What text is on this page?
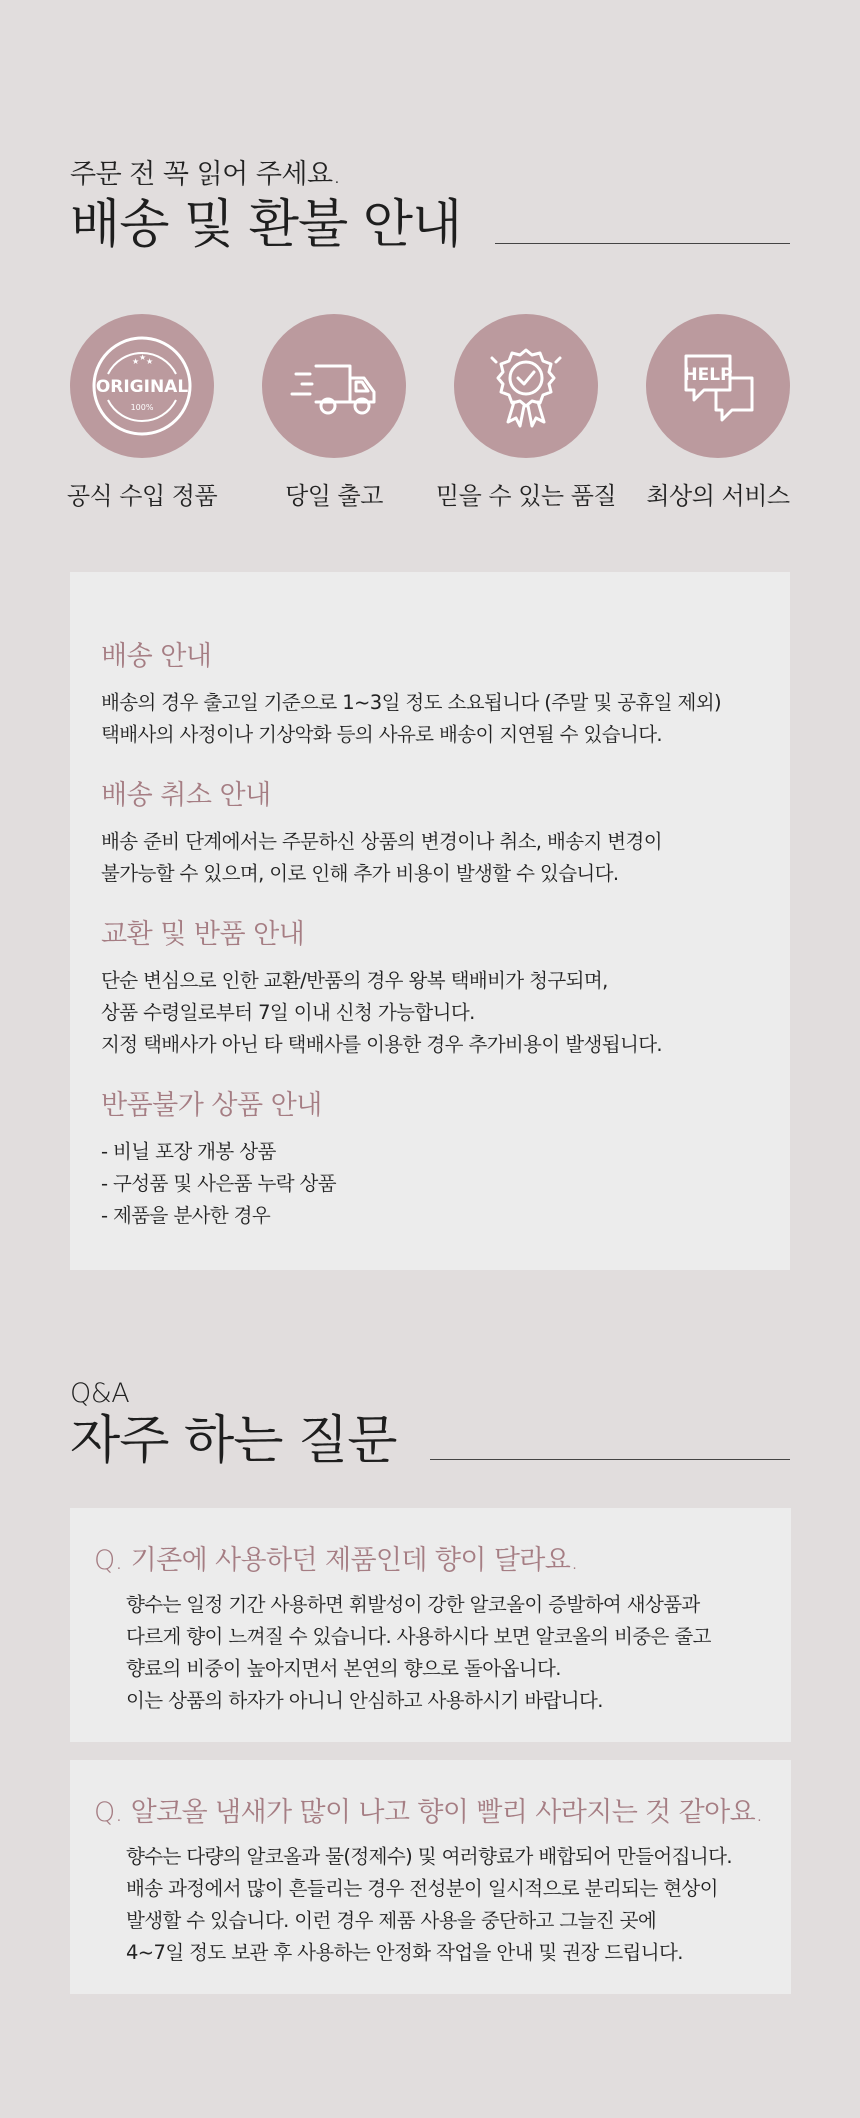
주문 전 꼭 읽어 주세요.
배송 및 환불 안내
★ ★ ★
ORIGINAL
100%
공식 수입 정품	당일 출고 믿을 수 있는 품질
HELP
최상의 서비스
배송 안내
배송의 경우 출고일 기준으로 1~3일 정도 소요됩니다 (주말 및 공휴일 제외)
택배사의 사정이나 기상악화 등의 사유로 배송이 지연될 수 있습니다.
배송 취소 안내
배송 준비 단계에서는 주문하신 상품의 변경이나 취소, 배송지 변경이
불가능할 수 있으며, 이로 인해 추가 비용이 발생할 수 있습니다.
교환 및 반품 안내
단순 변심으로 인한 교환/반품의 경우 왕복 택배비가 청구되며,
상품 수령일로부터 7일 이내 신청 가능합니다.
지정 택배사가 아닌 타 택배사를 이용한 경우 추가비용이 발생됩니다.
반품불가 상품 안내
- 비닐 포장 개봉 상품
- 구성품 및 사은품 누락 상품
- 제품을 분사한 경우
Q&A
자주 하는 질문
Q. 기존에 사용하던 제품인데 향이 달라요.
향수는 일정 기간 사용하면 휘발성이 강한 알코올이 증발하여 새상품과
다르게 향이 느껴질 수 있습니다. 사용하시다 보면 알코올의 비중은 줄고
향료의 비중이 높아지면서 본연의 향으로 돌아옵니다.
이는 상품의 하자가 아니니 안심하고 사용하시기 바랍니다.
Q. 알코올 냄새가 많이 나고 향이 빨리 사라지는 것 같아요.
향수는 다량의 알코올과 물(정제수) 및 여러향료가 배합되어 만들어집니다.
배송 과정에서 많이 흔들리는 경우 전성분이 일시적으로 분리되는 현상이
발생할 수 있습니다. 이런 경우 제품 사용을 중단하고 그늘진 곳에
4~7일 정도 보관 후 사용하는 안정화 작업을 안내 및 권장 드립니다.
